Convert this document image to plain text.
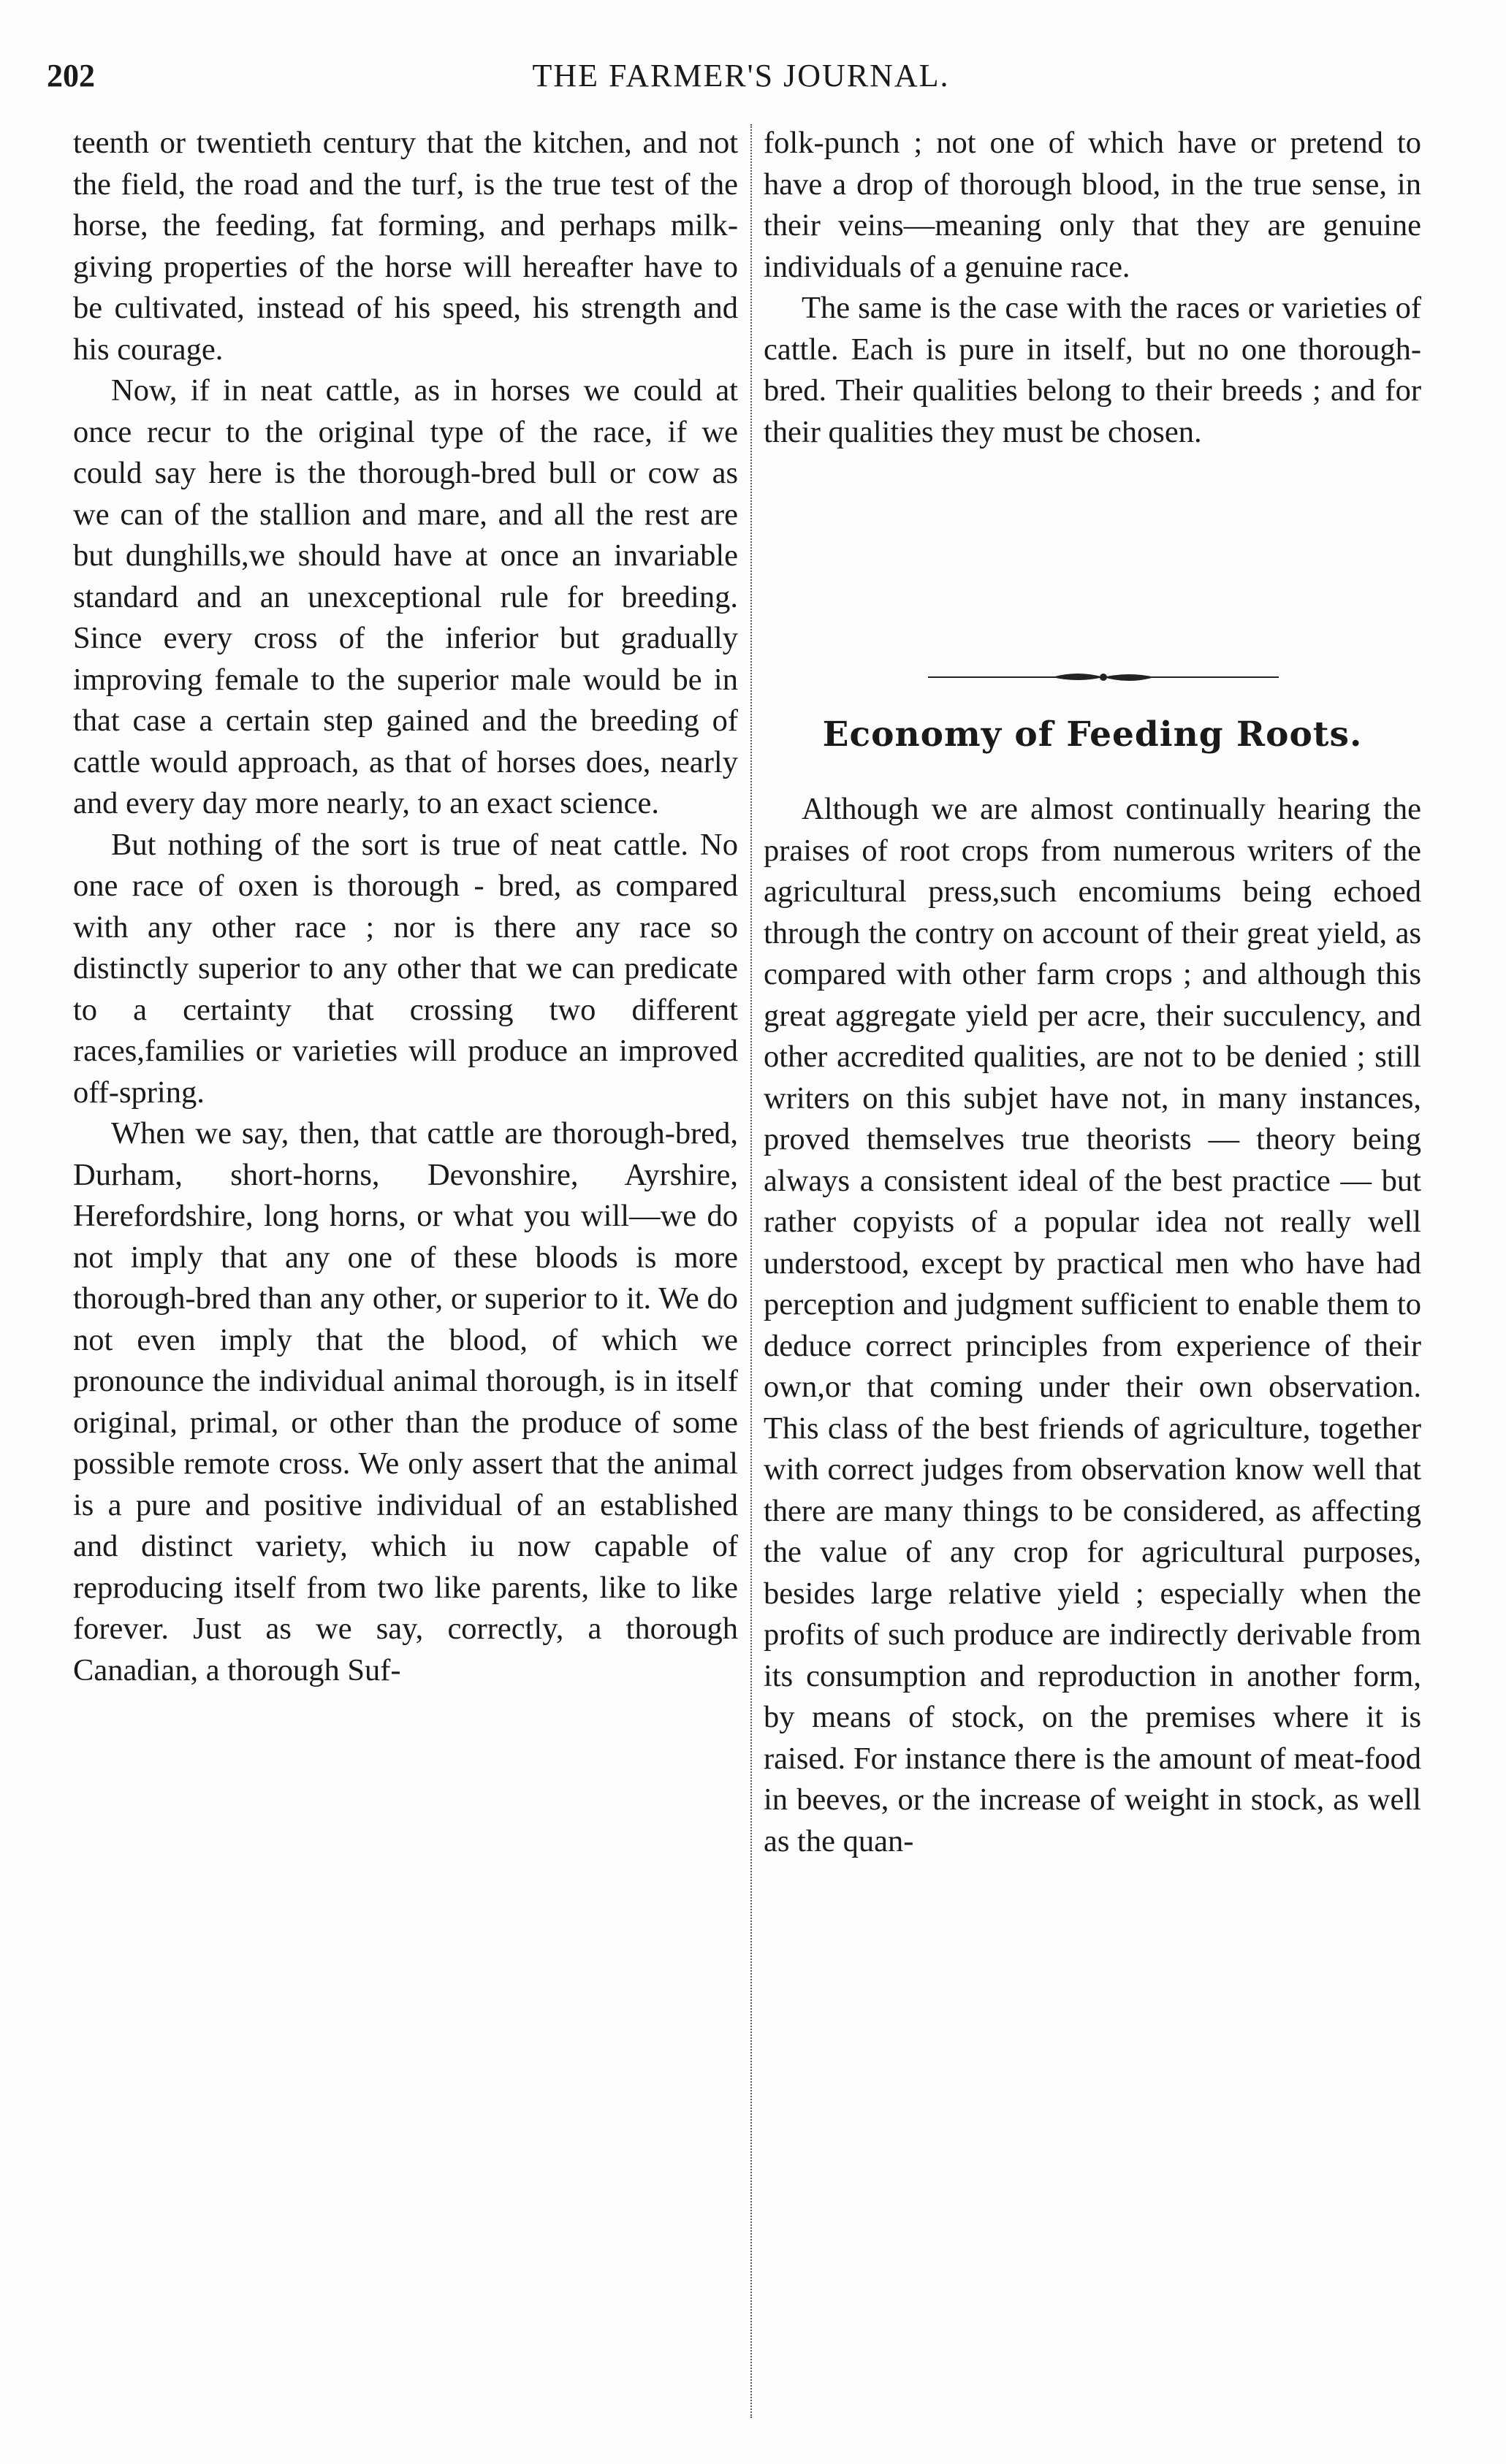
202	THE FARMER'S JOURNAL.

teenth or twentieth century that the kitchen, and not the field, the road and the turf, is the true test of the horse, the feeding, fat forming, and perhaps milk-giving properties of the horse will hereafter have to be cultivated, instead of his speed, his strength and his courage.

Now, if in neat cattle, as in horses we could at once recur to the original type of the race, if we could say here is the thorough-bred bull or cow as we can of the stallion and mare, and all the rest are but dunghills,we should have at once an invariable standard and an unexceptional rule for breeding. Since every cross of the inferior but gradually improving female to the superior male would be in that case a certain step gained and the breeding of cattle would approach, as that of horses does, nearly and every day more nearly, to an exact science.

But nothing of the sort is true of neat cattle. No one race of oxen is thorough - bred, as compared with any other race ; nor is there any race so distinctly superior to any other that we can predicate to a certainty that crossing two different races,families or varieties will produce an improved off-spring.

When we say, then, that cattle are thorough-bred, Durham, short-horns, Devonshire, Ayrshire, Herefordshire, long horns, or what you will—we do not imply that any one of these bloods is more thorough-bred than any other, or superior to it. We do not even imply that the blood, of which we pronounce the individual animal thorough, is in itself original, primal, or other than the produce of some possible remote cross. We only assert that the animal is a pure and positive individual of an established and distinct variety, which iu now capable of reproducing itself from two like parents, like to like forever. Just as we say, correctly, a thorough Canadian, a thorough Suf-

folk-punch ; not one of which have or pretend to have a drop of thorough blood, in the true sense, in their veins—meaning only that they are genuine individuals of a genuine race.

The same is the case with the races or varieties of cattle. Each is pure in itself, but no one thorough-bred. Their qualities belong to their breeds ; and for their qualities they must be chosen.

Economy of Feeding Roots.

Although we are almost continually hearing the praises of root crops from numerous writers of the agricultural press,such encomiums being echoed through the contry on account of their great yield, as compared with other farm crops ; and although this great aggregate yield per acre, their succulency, and other accredited qualities, are not to be denied ; still writers on this subjet have not, in many instances, proved themselves true theorists — theory being always a consistent ideal of the best practice — but rather copyists of a popular idea not really well understood, except by practical men who have had perception and judgment sufficient to enable them to deduce correct principles from experience of their own,or that coming under their own observation. This class of the best friends of agriculture, together with correct judges from observation know well that there are many things to be considered, as affecting the value of any crop for agricultural purposes, besides large relative yield ; especially when the profits of such produce are indirectly derivable from its consumption and reproduction in another form, by means of stock, on the premises where it is raised. For instance there is the amount of meat-food in beeves, or the increase of weight in stock, as well as the quan-
